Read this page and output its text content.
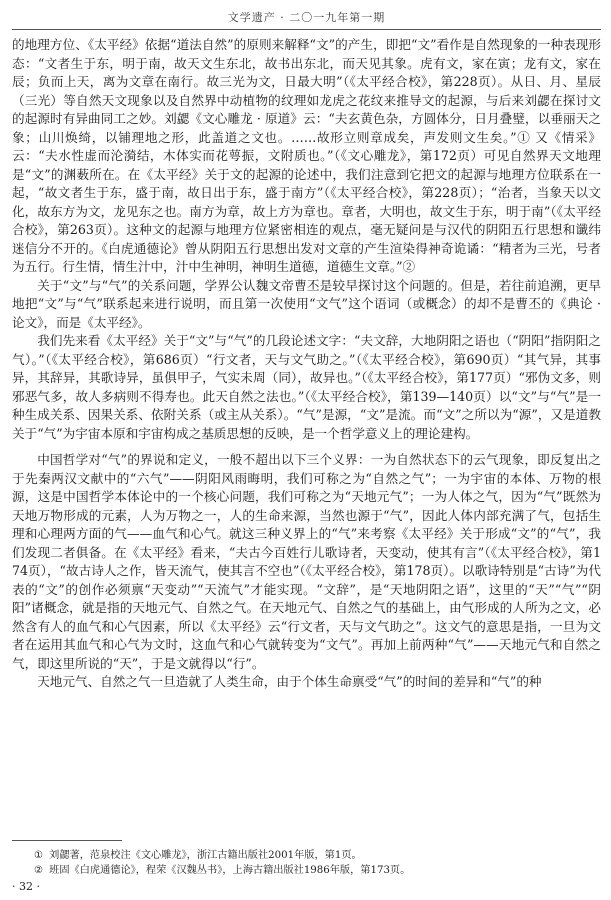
文学遗产 · 二〇一九年第一期

的地理方位、《太平经》依据“道法自然”的原则来解释“文”的产生，即把“文”看作是自然现象的一种表现形态：“文者生于东，明于南，故天文生东北，故书出东北，而天见其象。虎有文，家在寅；龙有文，家在辰；负而上天，离为文章在南行。故三光为文，日最大明”（《太平经合校》，第228页）。从日、月、星辰（三光）等自然天文现象以及自然界中动植物的纹理如龙虎之花纹来推导文的起源，与后来刘勰在探讨文的起源时有异曲同工之妙。刘勰《文心雕龙 · 原道》云：“夫玄黄色杂，方圆体分，日月叠璧，以垂丽天之象；山川焕绮，以铺理地之形，此盖道之文也。……故形立则章成矣，声发则文生矣。”① 又《情采》云：“夫水性虚而沦漪结，木体实而花萼振，文附质也。”（《文心雕龙》，第172页）可见自然界天文地理是“文”的渊薮所在。在《太平经》关于文的起源的论述中，我们注意到它把文的起源与地理方位联系在一起，“故文者生于东，盛于南，故日出于东，盛于南方”（《太平经合校》，第228页）；“治者，当象天以文化，故东方为文，龙见东之也。南方为章，故上方为章也。章者，大明也，故文生于东，明于南”（《太平经合校》，第263页）。这种文的起源与地理方位紧密相连的观点，毫无疑问是与汉代的阴阳五行思想和谶纬迷信分不开的。《白虎通德论》曾从阴阳五行思想出发对文章的产生渲染得神奇诡谲：“精者为三光，号者为五行。行生情，情生汁中，汁中生神明，神明生道德，道德生文章。”②

关于“文”与“气”的关系问题，学界公认魏文帝曹丕是较早探讨这个问题的。但是，若往前追溯，更早地把“文”与“气”联系起来进行说明，而且第一次使用“文气”这个语词（或概念）的却不是曹丕的《典论 · 论文》，而是《太平经》。

我们先来看《太平经》关于“文”与“气”的几段论述文字：“夫文辞，大地阴阳之语也（“阴阳”指阴阳之气）。”（《太平经合校》，第686页）“行文者，天与文气助之。”（《太平经合校》，第690页）“其气异，其事异，其辞异，其歌诗异，虽俱甲子，气实未周（同），故异也。”（《太平经合校》，第177页）“邪伪文多，则邪恶气多，故人多病则不得寿也。此天自然之法也。”（《太平经合校》，第139—140页）以“文”与“气”是一种生成关系、因果关系、依附关系（或主从关系）。“气”是源，“文”是流。而“文”之所以为“源”，又是道教关于“气”为宇宙本原和宇宙构成之基质思想的反映，是一个哲学意义上的理论建构。

中国哲学对“气”的界说和定义，一般不超出以下三个义界：一为自然状态下的云气现象，即反复出之于先秦两汉文献中的“六气”——阴阳风雨晦明，我们可称之为“自然之气”；一为宇宙的本体、万物的根源，这是中国哲学本体论中的一个核心问题，我们可称之为“天地元气”；一为人体之气，因为“气”既然为天地万物形成的元素，人为万物之一，人的生命来源，当然也源于“气”，因此人体内部充满了气，包括生理和心理两方面的气——血气和心气。就这三种义界上的“气”来考察《太平经》关于形成“文”的“气”，我们发现二者俱备。在《太平经》看来，“夫古今百姓行儿歌诗者，天变动，使其有言”（《太平经合校》，第174页），“故古诗人之作，皆天流气，使其言不空也”（《太平经合校》，第178页）。以歌诗特别是“古诗”为代表的“文”的创作必须禀“天变动”“天流气”才能实现。“文辞”，是“天地阴阳之语”，这里的“天”“气”“阴阳”诸概念，就是指的天地元气、自然之气。在天地元气、自然之气的基础上，由气形成的人所为之文，必然含有人的血气和心气因素，所以《太平经》云“行文者，天与文气助之”。这文气的意思是指，一旦为文者在运用其血气和心气为文时，这血气和心气就转变为“文气”。再加上前两种“气”——天地元气和自然之气，即这里所说的“天”，于是文就得以“行”。

天地元气、自然之气一旦造就了人类生命，由于个体生命禀受“气”的时间的差异和“气”的种

① 刘勰著，范泉校注《文心雕龙》，浙江古籍出版社2001年版，第1页。
② 班固《白虎通德论》，程荣《汉魏丛书》，上海古籍出版社1986年版，第173页。
· 32 ·
